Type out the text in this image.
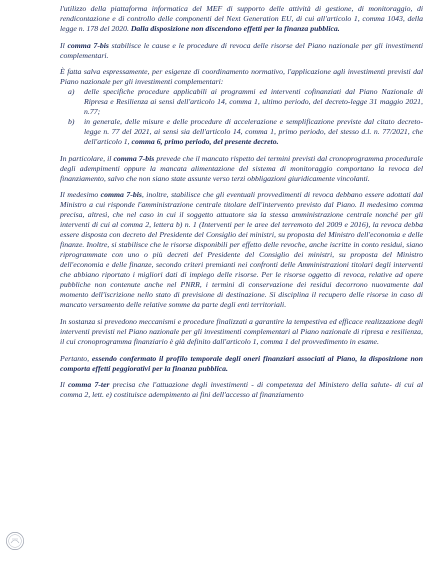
l'utilizzo della piattaforma informatica del MEF di supporto delle attività di gestione, di monitoraggio, di rendicontazione e di controllo delle componenti del Next Generation EU, di cui all'articolo 1, comma 1043, della legge n. 178 del 2020. Dalla disposizione non discendono effetti per la finanza pubblica.

Il comma 7-bis stabilisce le cause e le procedure di revoca delle risorse del Piano nazionale per gli investimenti complementari.

È fatta salva espressamente, per esigenze di coordinamento normativo, l'applicazione agli investimenti previsti dal Piano nazionale per gli investimenti complementari:

a) delle specifiche procedure applicabili ai programmi ed interventi cofinanziati dal Piano Nazionale di Ripresa e Resilienza ai sensi dell'articolo 14, comma 1, ultimo periodo, del decreto-legge 31 maggio 2021, n.77;
b) in generale, delle misure e delle procedure di accelerazione e semplificazione previste dal citato decreto-legge n. 77 del 2021, ai sensi sia dell'articolo 14, comma 1, primo periodo, del stesso d.l. n. 77/2021, che dell'articolo 1, comma 6, primo periodo, del presente decreto.

In particolare, il comma 7-bis prevede che il mancato rispetto dei termini previsti dal cronoprogramma procedurale degli adempimenti oppure la mancata alimentazione del sistema di monitoraggio comportano la revoca del finanziamento, salvo che non siano state assunte verso terzi obbligazioni giuridicamente vincolanti.

Il medesimo comma 7-bis, inoltre, stabilisce che gli eventuali provvedimenti di revoca debbano essere adottati dal Ministro a cui risponde l'amministrazione centrale titolare dell'intervento previsto dal Piano. Il medesimo comma precisa, altresì, che nel caso in cui il soggetto attuatore sia la stessa amministrazione centrale nonché per gli interventi di cui al comma 2, lettera b) n. 1 (Interventi per le aree del terremoto del 2009 e 2016), la revoca debba essere disposta con decreto del Presidente del Consiglio dei ministri, su proposta del Ministro dell'economia e delle finanze. Inoltre, si stabilisce che le risorse disponibili per effetto delle revoche, anche iscritte in conto residui, siano riprogrammate con uno o più decreti del Presidente del Consiglio dei ministri, su proposta del Ministro dell'economia e delle finanze, secondo criteri premianti nei confronti delle Amministrazioni titolari degli interventi che abbiano riportato i migliori dati di impiego delle risorse. Per le risorse oggetto di revoca, relative ad opere pubbliche non contenute anche nel PNRR, i termini di conservazione dei residui decorrono nuovamente dal momento dell'iscrizione nello stato di previsione di destinazione. Si disciplina il recupero delle risorse in caso di mancato versamento delle relative somme da parte degli enti territoriali.

In sostanza si prevedono meccanismi e procedure finalizzati a garantire la tempestiva ed efficace realizzazione degli interventi previsti nel Piano nazionale per gli investimenti complementari al Piano nazionale di ripresa e resilienza, il cui cronoprogramma finanziario è già definito dall'articolo 1, comma 1 del provvedimento in esame.

Pertanto, essendo confermato il profilo temporale degli oneri finanziari associati al Piano, la disposizione non comporta effetti peggiorativi per la finanza pubblica.

Il comma 7-ter precisa che l'attuazione degli investimenti - di competenza del Ministero della salute- di cui al comma 2, lett. e) costituisce adempimento ai fini dell'accesso al finanziamento
